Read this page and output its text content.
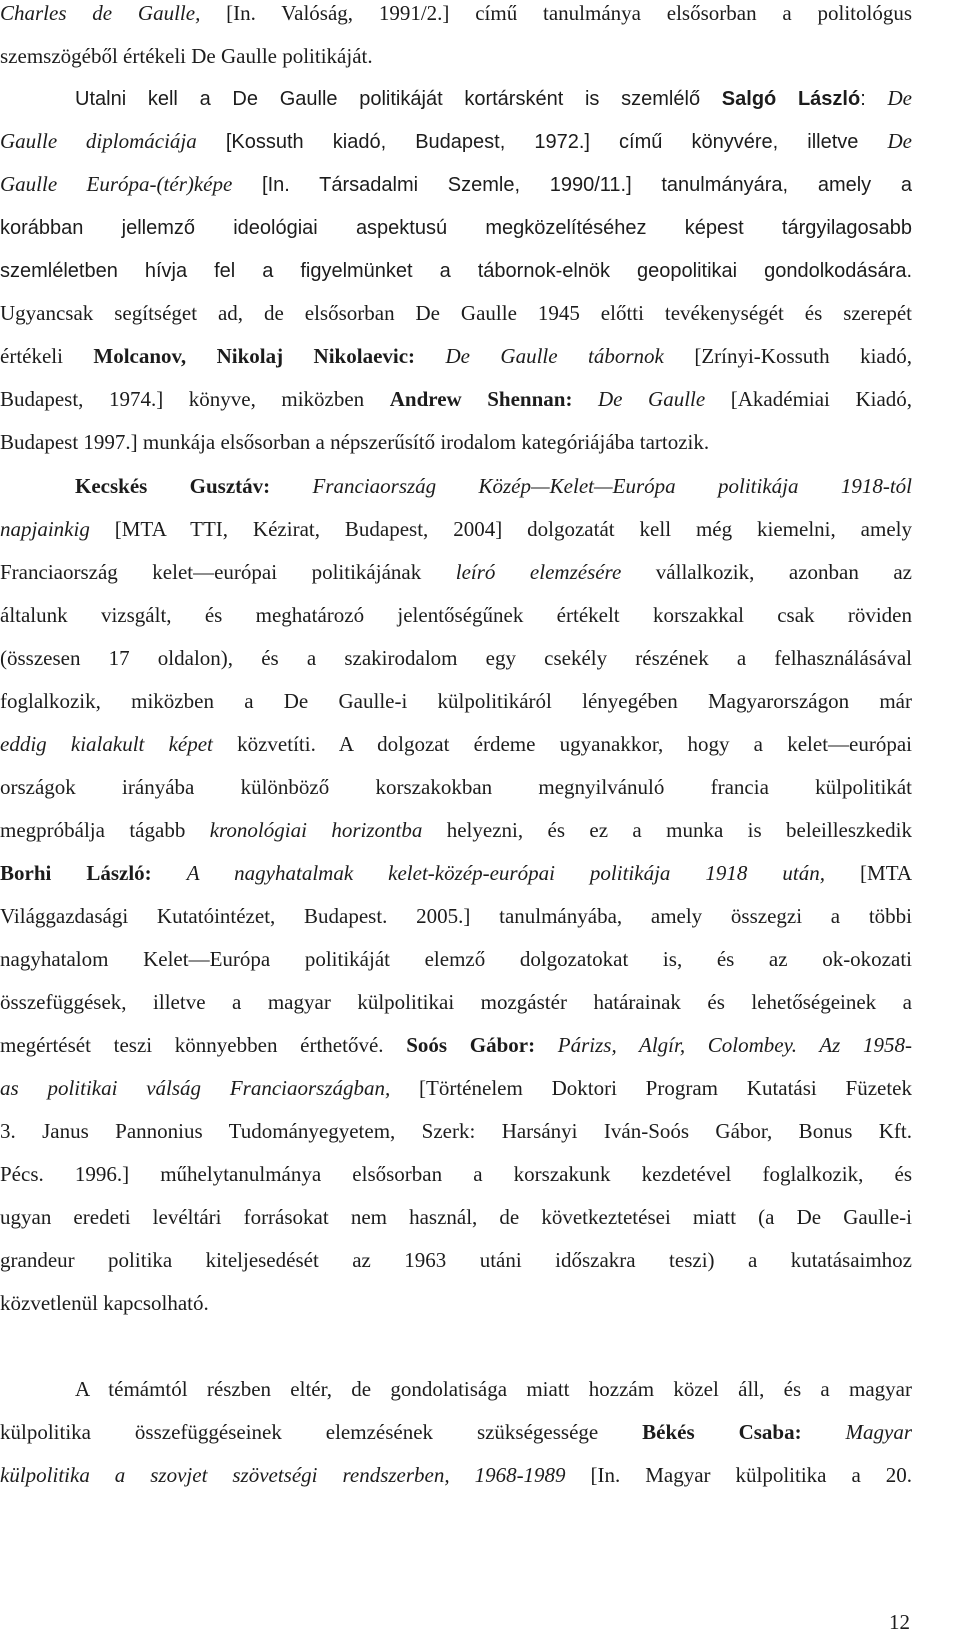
Charles de Gaulle, [In. Valóság, 1991/2.] című tanulmánya elsősorban a politológus
szemszögéből értékeli De Gaulle politikáját.
Utalni kell a De Gaulle politikáját kortársként is szemlélő Salgó László: De
Gaulle diplomáciája [Kossuth kiadó, Budapest, 1972.] című könyvére, illetve De
Gaulle Európa-(tér)képe [In. Társadalmi Szemle, 1990/11.] tanulmányára, amely a
korábban jellemző ideológiai aspektusú megközelítéséhez képest tárgyilagosabb
szemléletben hívja fel a figyelmünket a tábornok-elnök geopolitikai gondolkodására.
Ugyancsak segítséget ad, de elsősorban De Gaulle 1945 előtti tevékenységét és szerepét
értékeli Molcanov, Nikolaj Nikolaevic: De Gaulle tábornok [Zrínyi-Kossuth kiadó,
Budapest, 1974.] könyve, miközben Andrew Shennan: De Gaulle [Akadémiai Kiadó,
Budapest 1997.] munkája elsősorban a népszerűsítő irodalom kategóriájába tartozik.
Kecskés Gusztáv: Franciaország Közép—Kelet—Európa politikája 1918-tól
napjainkig [MTA TTI, Kézirat, Budapest, 2004] dolgozatát kell még kiemelni, amely
Franciaország kelet—európai politikájának leíró elemzésére vállalkozik, azonban az
általunk vizsgált, és meghatározó jelentőségűnek értékelt korszakkal csak röviden
(összesen 17 oldalon), és a szakirodalom egy csekély részének a felhasználásával
foglalkozik, miközben a De Gaulle-i külpolitikáról lényegében Magyarországon már
eddig kialakult képet közvetíti. A dolgozat érdeme ugyanakkor, hogy a kelet—európai
országok irányába különböző korszakokban megnyilvánuló francia külpolitikát
megpróbálja tágabb kronológiai horizontba helyezni, és ez a munka is beleilleszkedik
Borhi László: A nagyhatalmak kelet-közép-európai politikája 1918 után, [MTA
Világgazdasági Kutatóintézet, Budapest. 2005.] tanulmányába, amely összegzi a többi
nagyhatalom Kelet—Európa politikáját elemző dolgozatokat is, és az ok-okozati
összefüggések, illetve a magyar külpolitikai mozgástér határainak és lehetőségeinek a
megértését teszi könnyebben érthetővé. Soós Gábor: Párizs, Algír, Colombey. Az 1958-
as politikai válság Franciaországban, [Történelem Doktori Program Kutatási Füzetek
3. Janus Pannonius Tudományegyetem, Szerk: Harsányi Iván-Soós Gábor, Bonus Kft.
Pécs. 1996.] műhelytanulmánya elsősorban a korszakunk kezdetével foglalkozik, és
ugyan eredeti levéltári forrásokat nem használ, de következtetései miatt (a De Gaulle-i
grandeur politika kiteljesedését az 1963 utáni időszakra teszi) a kutatásaimhoz
közvetlenül kapcsolható.
A témámtól részben eltér, de gondolatisága miatt hozzám közel áll, és a magyar
külpolitika összefüggéseinek elemzésének szükségessége Békés Csaba: Magyar
külpolitika a szovjet szövetségi rendszerben, 1968-1989 [In. Magyar külpolitika a 20.
12
